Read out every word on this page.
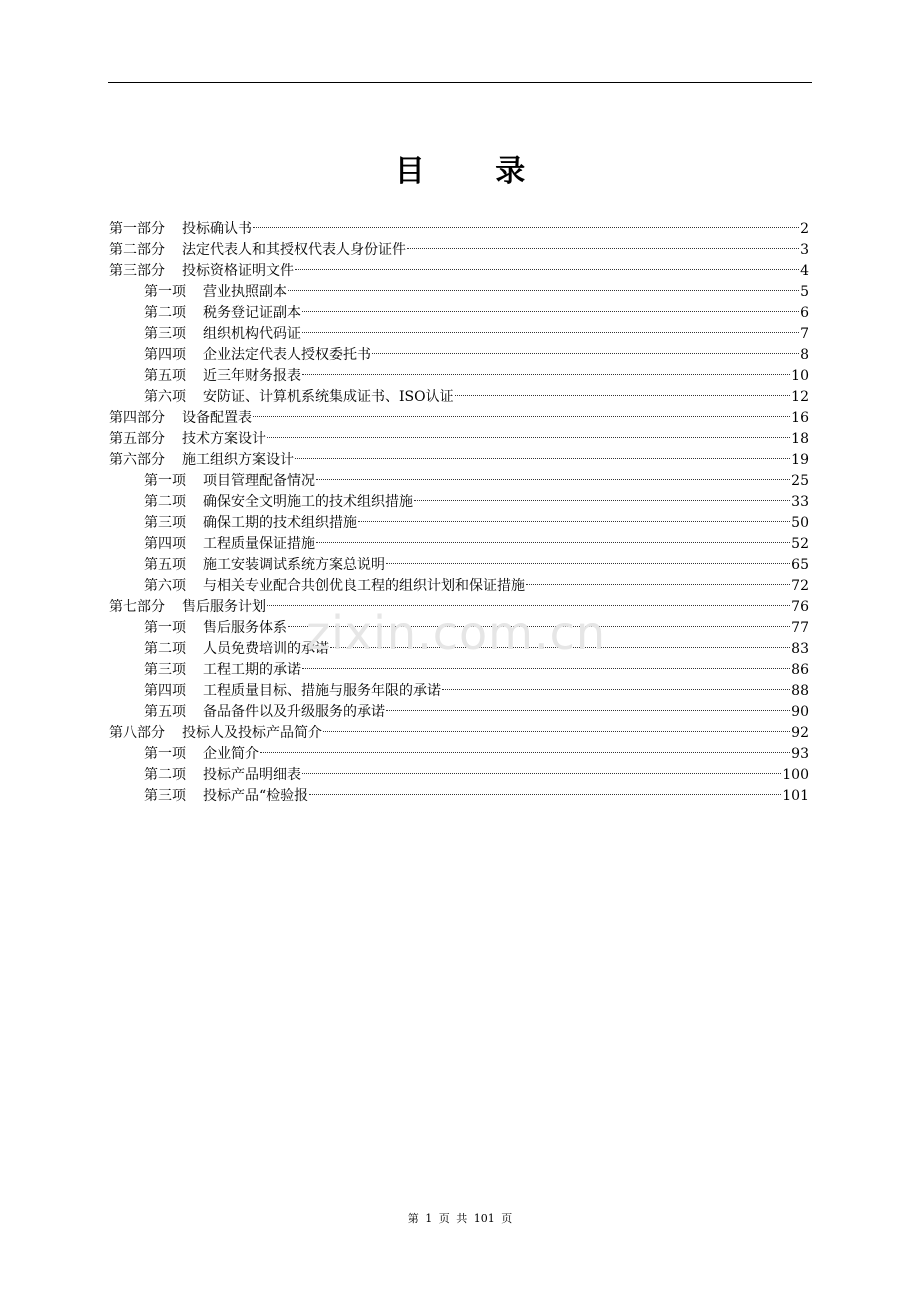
目 录
第一部分 投标确认书	2
第二部分 法定代表人和其授权代表人身份证件	3
第三部分 投标资格证明文件	4
第一项 营业执照副本	5
第二项 税务登记证副本	6
第三项 组织机构代码证	7
第四项 企业法定代表人授权委托书	8
第五项 近三年财务报表	10
第六项 安防证、计算机系统集成证书、ISO认证	12
第四部分 设备配置表	16
第五部分 技术方案设计	18
第六部分 施工组织方案设计	19
第一项 项目管理配备情况	25
第二项 确保安全文明施工的技术组织措施	33
第三项 确保工期的技术组织措施	50
第四项 工程质量保证措施	52
第五项 施工安装调试系统方案总说明	65
第六项 与相关专业配合共创优良工程的组织计划和保证措施	72
第七部分 售后服务计划	76
第一项 售后服务体系	77
第二项 人员免费培训的承诺	83
第三项 工程工期的承诺	86
第四项 工程质量目标、措施与服务年限的承诺	88
第五项 备品备件以及升级服务的承诺	90
第八部分 投标人及投标产品简介	92
第一项 企业简介	93
第二项 投标产品明细表	100
第三项 投标产品“检验报	101
zixin.com.cn
第 1 页 共 101 页
